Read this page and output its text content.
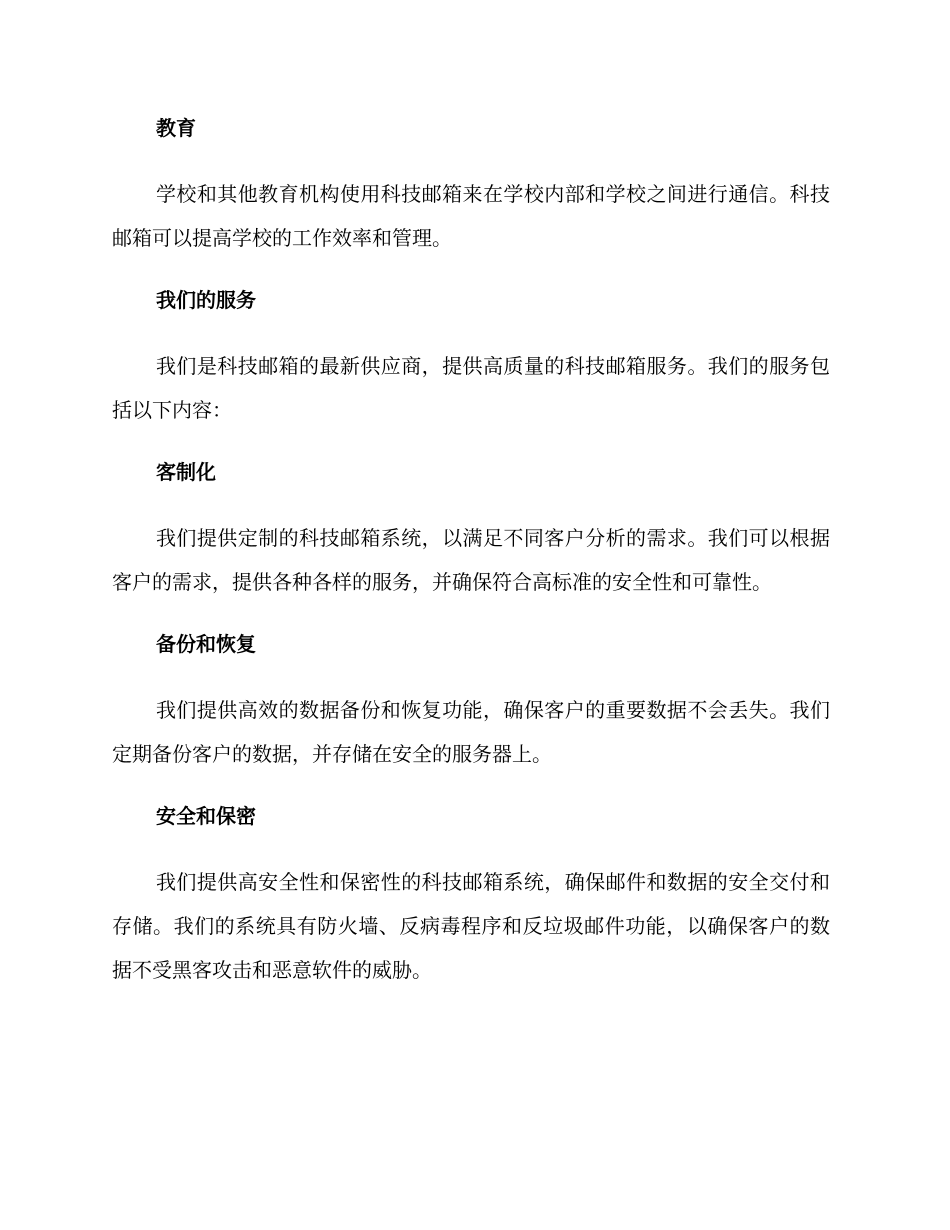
教育

学校和其他教育机构使用科技邮箱来在学校内部和学校之间进行通信。科技邮箱可以提高学校的工作效率和管理。

我们的服务

我们是科技邮箱的最新供应商，提供高质量的科技邮箱服务。我们的服务包括以下内容：

客制化

我们提供定制的科技邮箱系统，以满足不同客户分析的需求。我们可以根据客户的需求，提供各种各样的服务，并确保符合高标准的安全性和可靠性。

备份和恢复

我们提供高效的数据备份和恢复功能，确保客户的重要数据不会丢失。我们定期备份客户的数据，并存储在安全的服务器上。

安全和保密

我们提供高安全性和保密性的科技邮箱系统，确保邮件和数据的安全交付和存储。我们的系统具有防火墙、反病毒程序和反垃圾邮件功能，以确保客户的数据不受黑客攻击和恶意软件的威胁。
